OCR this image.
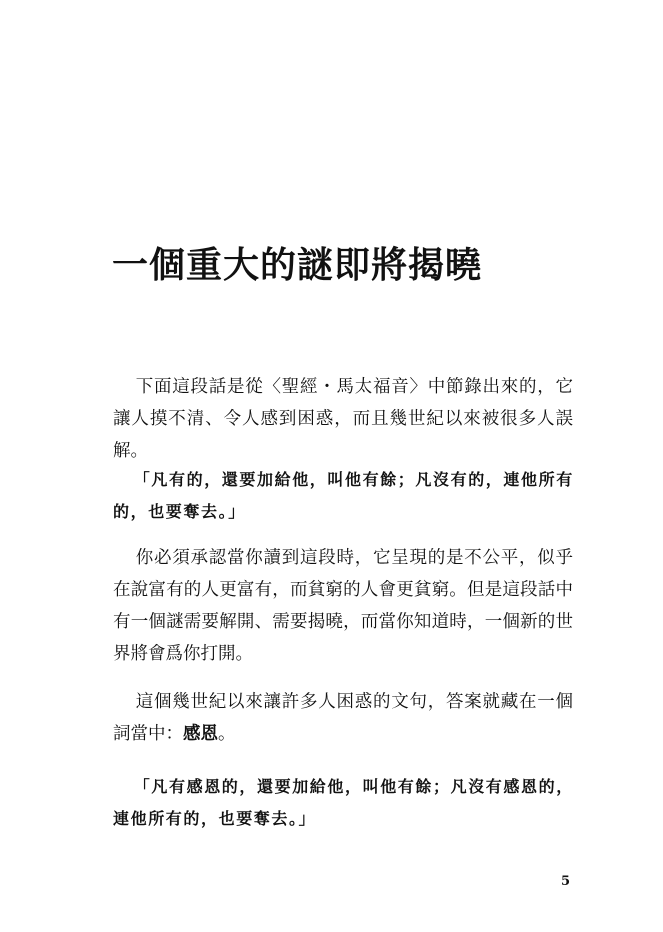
一個重大的謎即將揭曉

下面這段話是從〈聖經・馬太福音〉中節錄出來的，它讓人摸不清、令人感到困惑，而且幾世紀以來被很多人誤解。

「凡有的，還要加給他，叫他有餘；凡沒有的，連他所有的，也要奪去。」

你必須承認當你讀到這段時，它呈現的是不公平，似乎在說富有的人更富有，而貧窮的人會更貧窮。但是這段話中有一個謎需要解開、需要揭曉，而當你知道時，一個新的世界將會爲你打開。

這個幾世紀以來讓許多人困惑的文句，答案就藏在一個詞當中：感恩。

「凡有感恩的，還要加給他，叫他有餘；凡沒有感恩的，連他所有的，也要奪去。」

5
